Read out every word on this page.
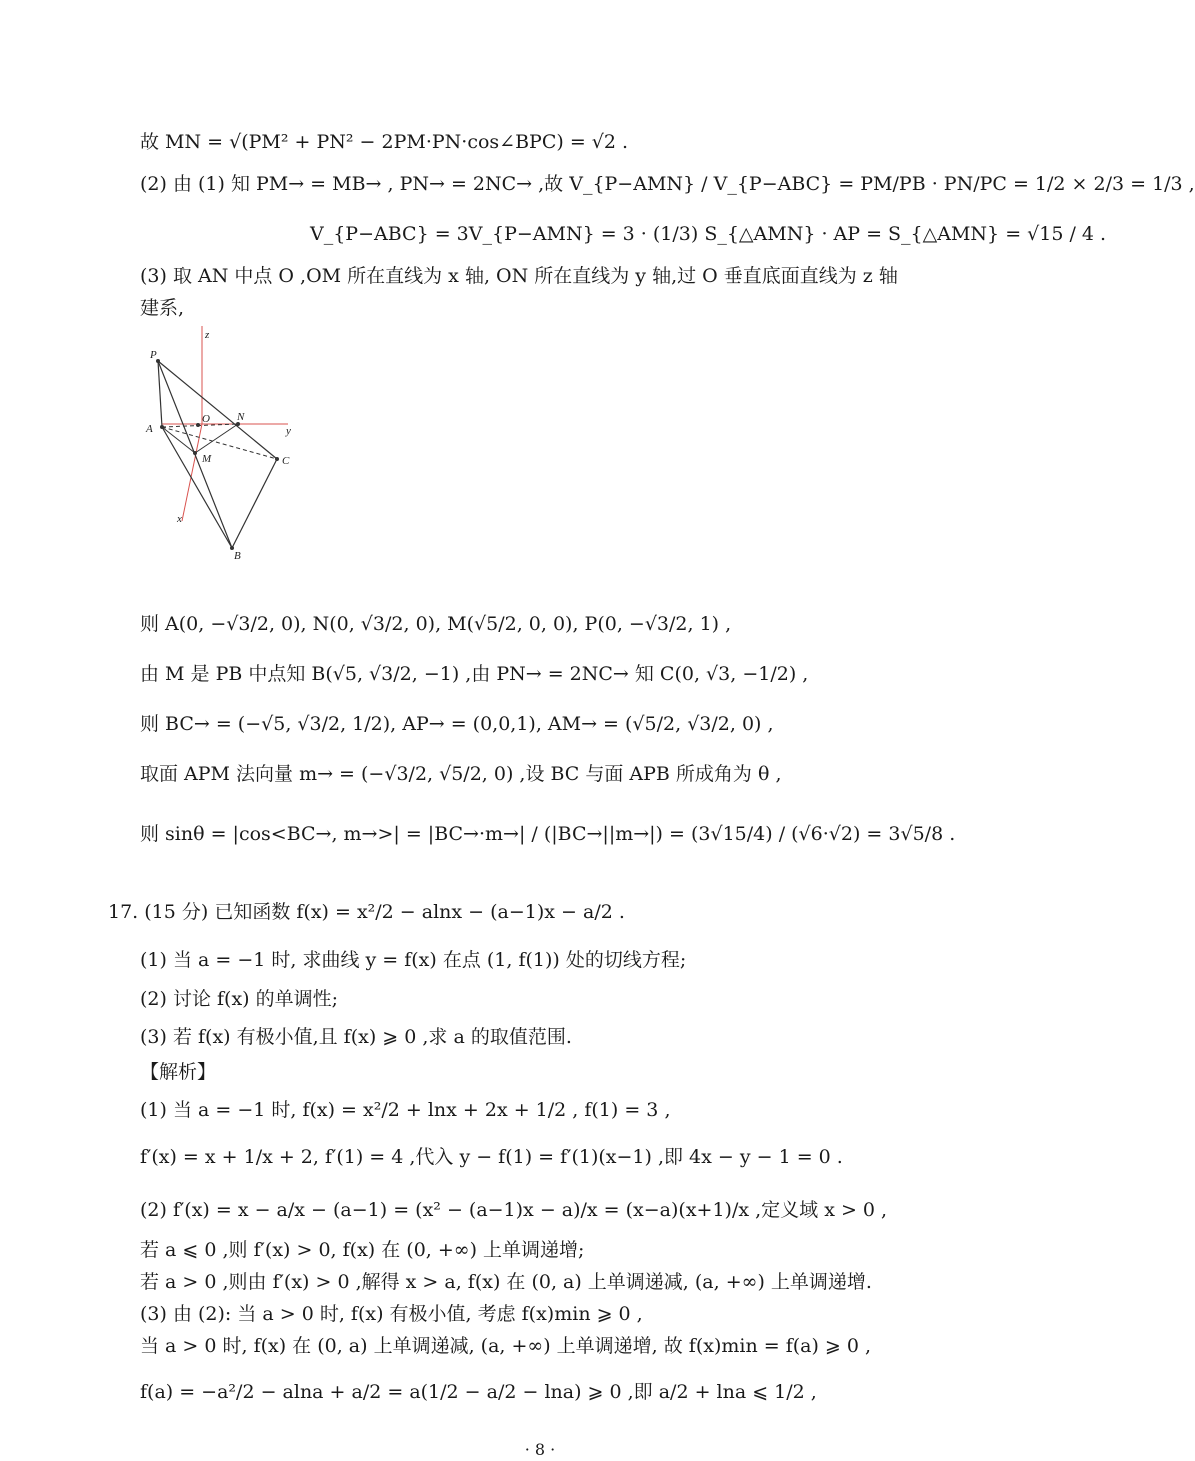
故 MN = √(PM² + PN² − 2PM·PN·cos∠BPC) = √2 .
(2) 由 (1) 知 PM→ = MB→ , PN→ = 2NC→ ,故 V_{P−AMN} / V_{P−ABC} = PM/PB · PN/PC = 1/2 × 2/3 = 1/3 ,
V_{P−ABC} = 3V_{P−AMN} = 3 · (1/3) S_{△AMN} · AP = S_{△AMN} = √15 / 4 .
(3) 取 AN 中点 O ,OM 所在直线为 x 轴, ON 所在直线为 y 轴,过 O 垂直底面直线为 z 轴
建系,
P
z
O N
A	y
M	C
x
B
则 A(0, −√3/2, 0), N(0, √3/2, 0), M(√5/2, 0, 0), P(0, −√3/2, 1) ,
由 M 是 PB 中点知 B(√5, √3/2, −1) ,由 PN→ = 2NC→ 知 C(0, √3, −1/2) ,
则 BC→ = (−√5, √3/2, 1/2), AP→ = (0,0,1), AM→ = (√5/2, √3/2, 0) ,
取面 APM 法向量 m→ = (−√3/2, √5/2, 0) ,设 BC 与面 APB 所成角为 θ ,
则 sinθ = |cos<BC→, m→>| = |BC→·m→| / (|BC→||m→|) = (3√15/4) / (√6·√2) = 3√5/8 .
17. (15 分) 已知函数 f(x) = x²/2 − alnx − (a−1)x − a/2 .
(1) 当 a = −1 时, 求曲线 y = f(x) 在点 (1, f(1)) 处的切线方程;
(2) 讨论 f(x) 的单调性;
(3) 若 f(x) 有极小值,且 f(x) ⩾ 0 ,求 a 的取值范围.
【解析】
(1) 当 a = −1 时, f(x) = x²/2 + lnx + 2x + 1/2 , f(1) = 3 ,
f′(x) = x + 1/x + 2, f′(1) = 4 ,代入 y − f(1) = f′(1)(x−1) ,即 4x − y − 1 = 0 .
(2) f′(x) = x − a/x − (a−1) = (x² − (a−1)x − a)/x = (x−a)(x+1)/x ,定义域 x > 0 ,
若 a ⩽ 0 ,则 f′(x) > 0, f(x) 在 (0, +∞) 上单调递增;
若 a > 0 ,则由 f′(x) > 0 ,解得 x > a, f(x) 在 (0, a) 上单调递减, (a, +∞) 上单调递增.
(3) 由 (2): 当 a > 0 时, f(x) 有极小值, 考虑 f(x)min ⩾ 0 ,
当 a > 0 时, f(x) 在 (0, a) 上单调递减, (a, +∞) 上单调递增, 故 f(x)min = f(a) ⩾ 0 ,
f(a) = −a²/2 − alna + a/2 = a(1/2 − a/2 − lna) ⩾ 0 ,即 a/2 + lna ⩽ 1/2 ,
· 8 ·
